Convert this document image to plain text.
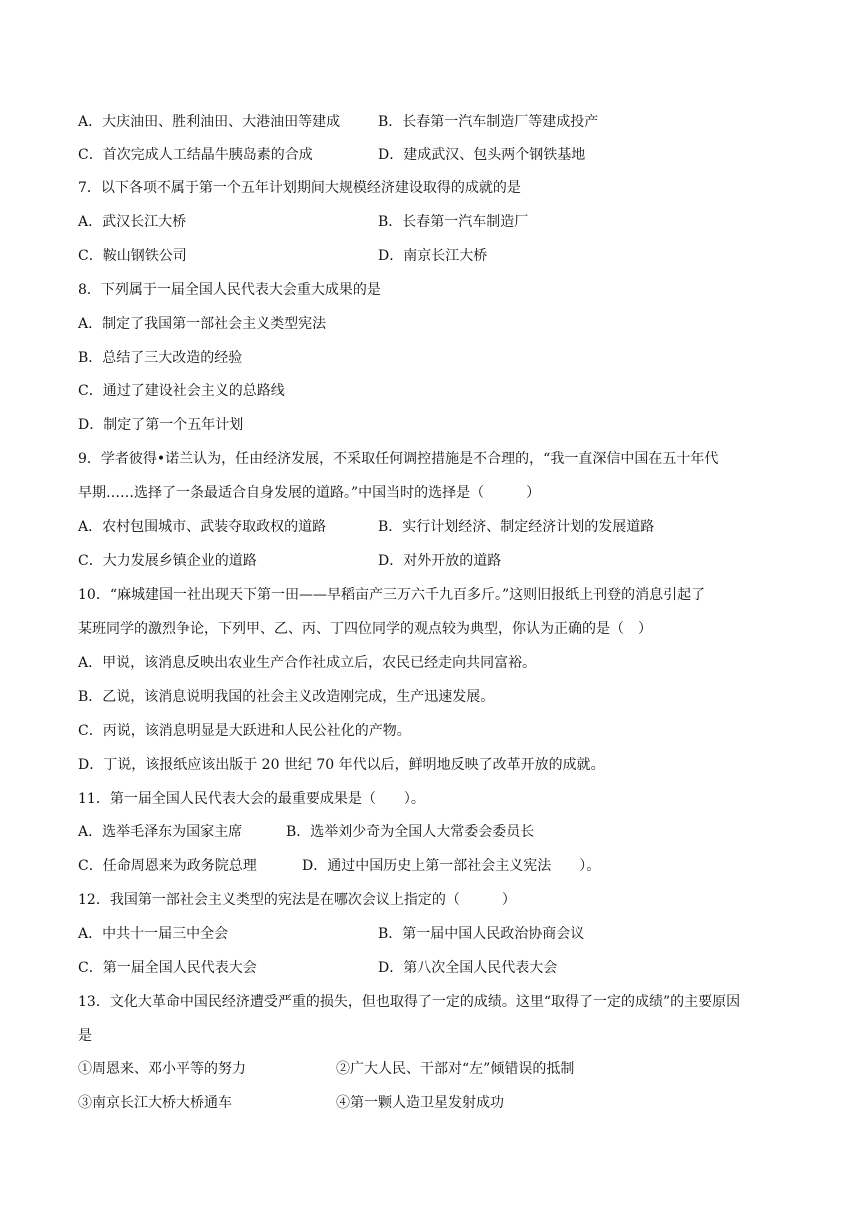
A．大庆油田、胜利油田、大港油田等建成	B．长春第一汽车制造厂等建成投产
C．首次完成人工结晶牛胰岛素的合成	D．建成武汉、包头两个钢铁基地
7．以下各项不属于第一个五年计划期间大规模经济建设取得的成就的是
A．武汉长江大桥	B．长春第一汽车制造厂
C．鞍山钢铁公司	D．南京长江大桥
8．下列属于一届全国人民代表大会重大成果的是
A．制定了我国第一部社会主义类型宪法
B．总结了三大改造的经验
C．通过了建设社会主义的总路线
D．制定了第一个五年计划
9．学者彼得•诺兰认为，任由经济发展，不采取任何调控措施是不合理的，“我一直深信中国在五十年代
早期……选择了一条最适合自身发展的道路。”中国当时的选择是（　　　）
A．农村包围城市、武装夺取政权的道路	B．实行计划经济、制定经济计划的发展道路
C．大力发展乡镇企业的道路	D．对外开放的道路
10．“麻城建国一社出现天下第一田——早稻亩产三万六千九百多斤。”这则旧报纸上刊登的消息引起了
某班同学的激烈争论，下列甲、乙、丙、丁四位同学的观点较为典型，你认为正确的是（　）
A．甲说，该消息反映出农业生产合作社成立后，农民已经走向共同富裕。
B．乙说，该消息说明我国的社会主义改造刚完成，生产迅速发展。
C．丙说，该消息明显是大跃进和人民公社化的产物。
D．丁说，该报纸应该出版于 20 世纪 70 年代以后，鲜明地反映了改革开放的成就。
11．第一届全国人民代表大会的最重要成果是（　　）。
A．选举毛泽东为国家主席	B．选举刘少奇为全国人大常委会委员长
C．任命周恩来为政务院总理	D．通过中国历史上第一部社会主义宪法　　）。
12．我国第一部社会主义类型的宪法是在哪次会议上指定的（　　　）
A．中共十一届三中全会	B．第一届中国人民政治协商会议
C．第一届全国人民代表大会	D．第八次全国人民代表大会
13．文化大革命中国民经济遭受严重的损失，但也取得了一定的成绩。这里“取得了一定的成绩”的主要原因
是
①周恩来、邓小平等的努力	②广大人民、干部对“左”倾错误的抵制
③南京长江大桥大桥通车	④第一颗人造卫星发射成功
